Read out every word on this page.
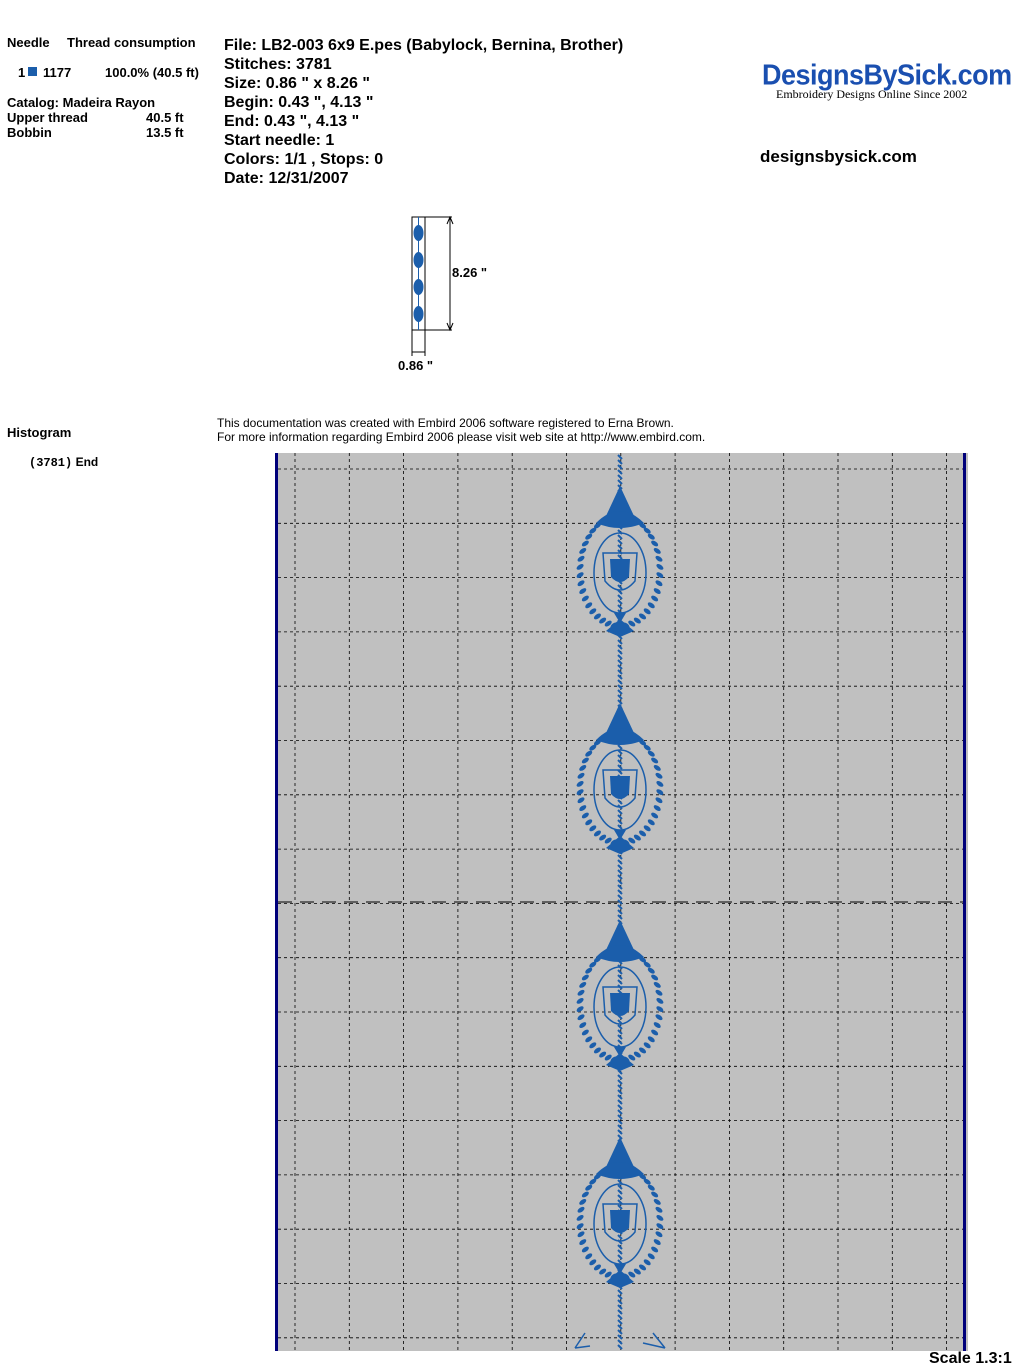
Needle Thread consumption
1 1177	100.0% (40.5 ft)
Catalog: Madeira Rayon
Upper thread	40.5 ft
Bobbin	13.5 ft
File: LB2-003 6x9 E.pes (Babylock, Bernina, Brother)
Stitches: 3781
Size: 0.86 " x 8.26 "
Begin: 0.43 ", 4.13 "
End: 0.43 ", 4.13 "
Start needle: 1
Colors: 1/1 , Stops: 0
Date: 12/31/2007
DesignsBySick.com
Embroidery Designs Online Since 2002
designsbysick.com
8.26 "
0.86 "
Histogram
(3781) End
This documentation was created with Embird 2006 software registered to Erna Brown.
For more information regarding Embird 2006 please visit web site at http://www.embird.com.
Scale 1.3:1
